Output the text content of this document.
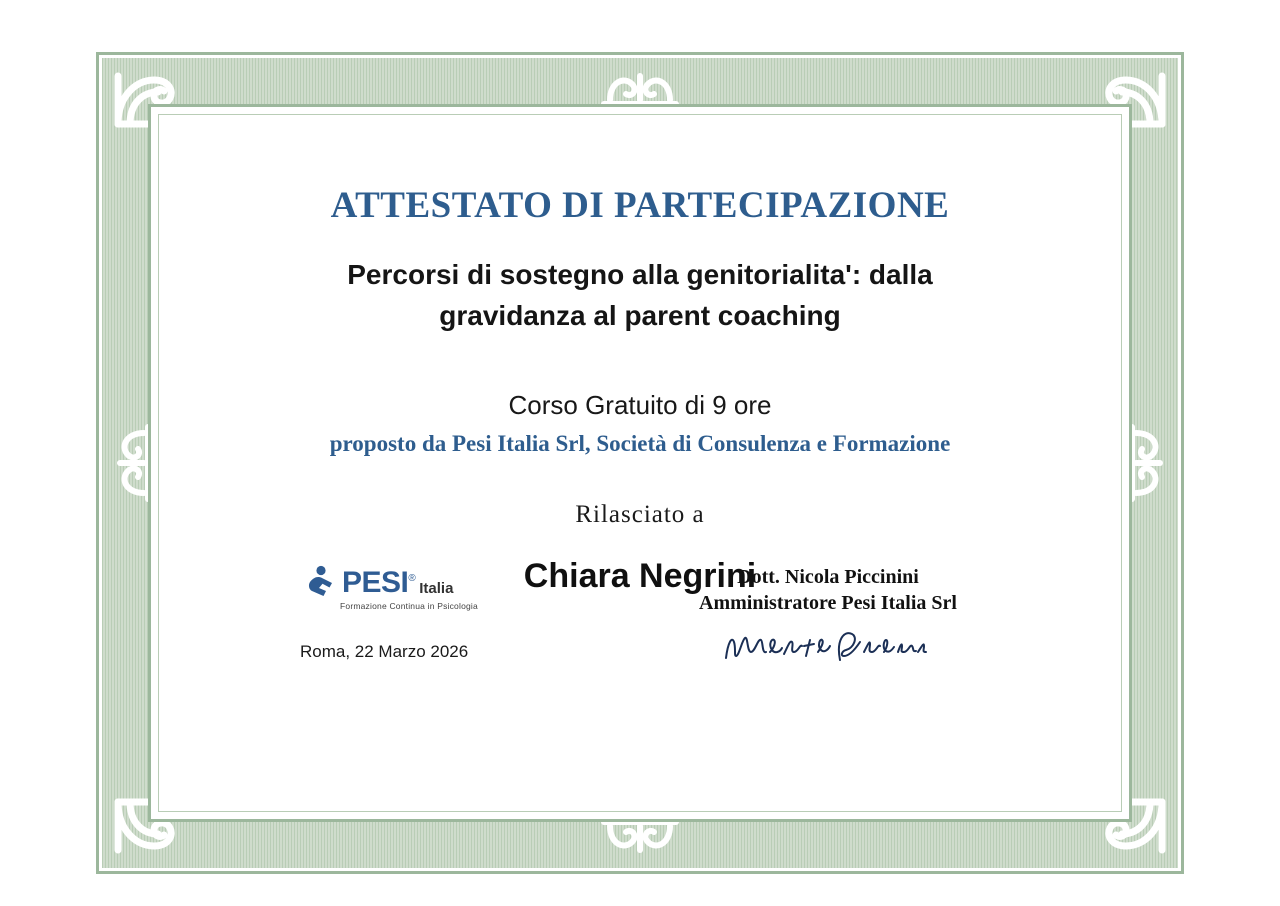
ATTESTATO DI PARTECIPAZIONE
Percorsi di sostegno alla genitorialita': dalla gravidanza al parent coaching
Corso Gratuito di 9 ore
proposto da Pesi Italia Srl, Società di Consulenza e Formazione
Rilasciato a
Chiara Negrini
PESI®
Italia
Formazione Continua in Psicologia
Roma, 22 Marzo 2026
Dott. Nicola Piccinini
Amministratore Pesi Italia Srl
